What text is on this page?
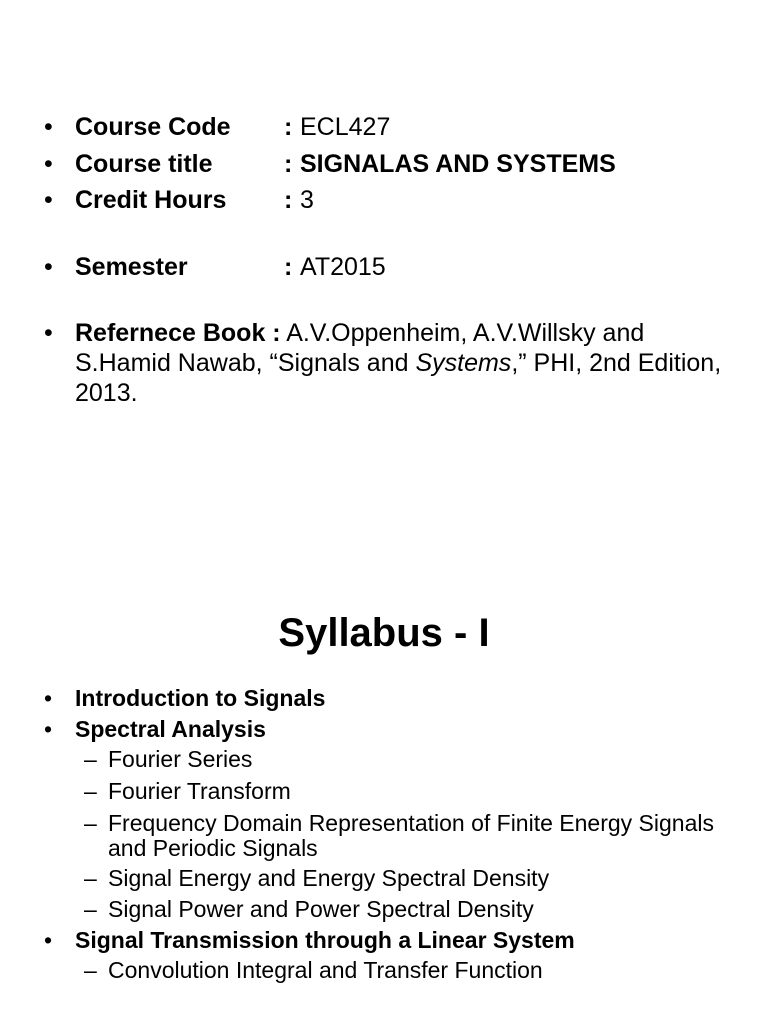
• Course Code : ECL427
• Course title	: SIGNALAS AND SYSTEMS
• Credit Hours : 3
• Semester	: AT2015
• Refernece Book : A.V.Oppenheim, A.V.Willsky and S.Hamid Nawab, “Signals and Systems,” PHI, 2nd Edition, 2013.
Syllabus - I
• Introduction to Signals
• Spectral Analysis
– Fourier Series
– Fourier Transform
– Frequency Domain Representation of Finite Energy Signals and Periodic Signals
– Signal Energy and Energy Spectral Density
– Signal Power and Power Spectral Density
• Signal Transmission through a Linear System
– Convolution Integral and Transfer Function
